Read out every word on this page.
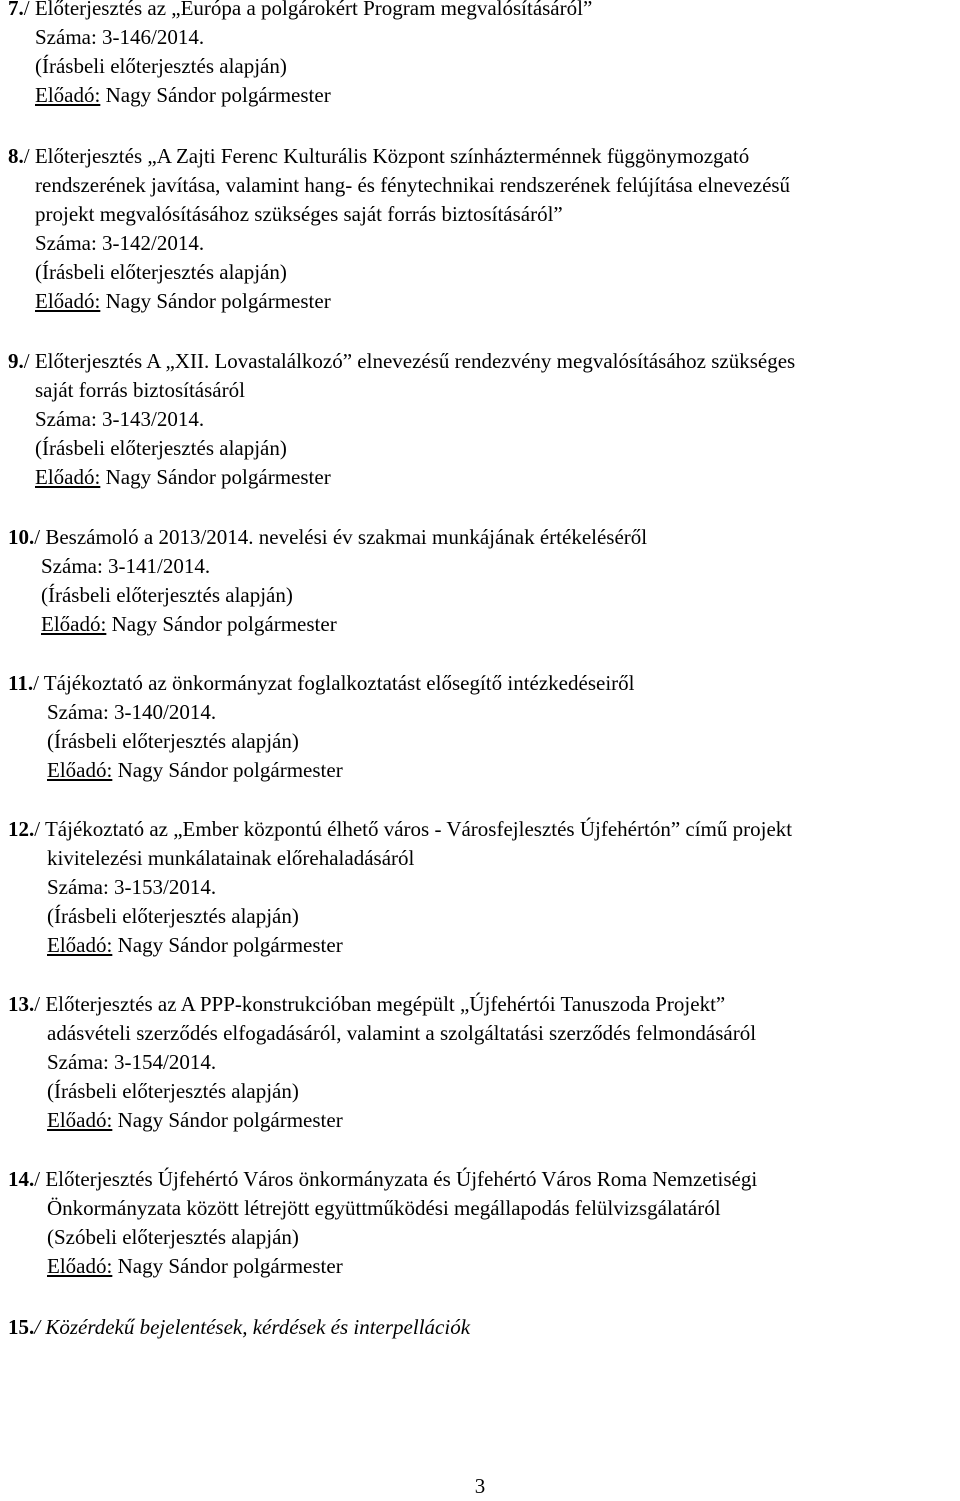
7./ Előterjesztés az „Európa a polgárokért Program megvalósításáról”
Száma: 3-146/2014.
(Írásbeli előterjesztés alapján)
Előadó: Nagy Sándor polgármester
8./ Előterjesztés „A Zajti Ferenc Kulturális Központ színházterménnek függönymozgató
rendszerének javítása, valamint hang- és fénytechnikai rendszerének felújítása elnevezésű
projekt megvalósításához szükséges saját forrás biztosításáról”
Száma: 3-142/2014.
(Írásbeli előterjesztés alapján)
Előadó: Nagy Sándor polgármester
9./ Előterjesztés A „XII. Lovastalálkozó” elnevezésű rendezvény megvalósításához szükséges
saját forrás biztosításáról
Száma: 3-143/2014.
(Írásbeli előterjesztés alapján)
Előadó: Nagy Sándor polgármester
10./ Beszámoló a 2013/2014. nevelési év szakmai munkájának értékeléséről
Száma: 3-141/2014.
(Írásbeli előterjesztés alapján)
Előadó: Nagy Sándor polgármester
11./ Tájékoztató az önkormányzat foglalkoztatást elősegítő intézkedéseiről
Száma: 3-140/2014.
(Írásbeli előterjesztés alapján)
Előadó: Nagy Sándor polgármester
12./ Tájékoztató az „Ember központú élhető város - Városfejlesztés Újfehértón” című projekt
kivitelezési munkálatainak előrehaladásáról
Száma: 3-153/2014.
(Írásbeli előterjesztés alapján)
Előadó: Nagy Sándor polgármester
13./ Előterjesztés az A PPP-konstrukcióban megépült „Újfehértói Tanuszoda Projekt”
adásvételi szerződés elfogadásáról, valamint a szolgáltatási szerződés felmondásáról
Száma: 3-154/2014.
(Írásbeli előterjesztés alapján)
Előadó: Nagy Sándor polgármester
14./ Előterjesztés Újfehértó Város önkormányzata és Újfehértó Város Roma Nemzetiségi
Önkormányzata között létrejött együttműködési megállapodás felülvizsgálatáról
(Szóbeli előterjesztés alapján)
Előadó: Nagy Sándor polgármester
15./ Közérdekű bejelentések, kérdések és interpellációk
3
